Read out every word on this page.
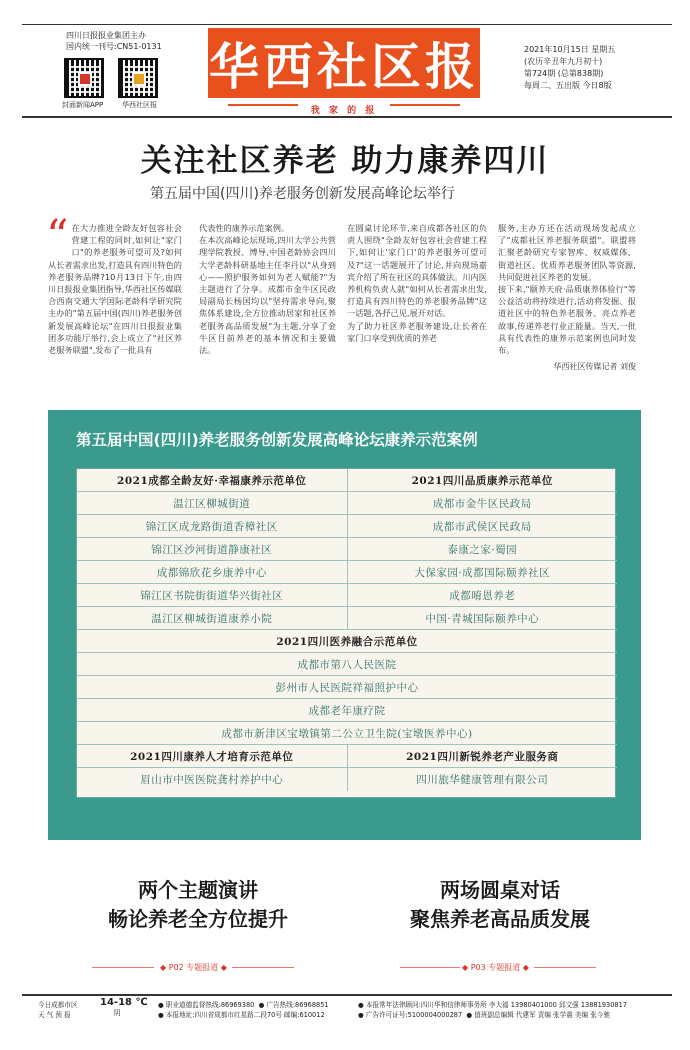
四川日报报业集团主办
国内统一刊号:CN51-0131
封面新闻APP	华西社区报
华西社区报
我 家 的 报
2021年10月15日 星期五
(农历辛丑年九月初十)
第724期 (总第838期)
每周二、五出版 今日8版
关注社区养老 助力康养四川
第五届中国(四川)养老服务创新发展高峰论坛举行
“ 在大力推进全龄友好包容社会营建工程的同时,如何让"家门口"的养老服务可望可及?如何从长者需求出发,打造具有四川特色的养老服务品牌?10月13日下午,由四川日报报业集团指导,华西社区传媒联合西南交通大学国际老龄科学研究院主办的"第五届中国(四川)养老服务创新发展高峰论坛"在四川日报报业集团多功能厅举行,会上成立了"社区养老服务联盟",发布了一批具有
代表性的康养示范案例。
在本次高峰论坛现场,四川大学公共管理学院教授、博导,中国老龄协会四川大学老龄科研基地主任李丹以"从身到心——照护服务如何为老人赋能?"为主题进行了分享。成都市金牛区民政局副局长杨国均以"坚持需求导向,聚焦体系建设,全方位推动居家和社区养老服务高品质发展"为主题,分享了金牛区目前养老的基本情况和主要做法。
在圆桌讨论环节,来自成都各社区的负责人围绕"全龄友好包容社会营建工程下,如何让'家门口'的养老服务可望可及?"这一话题展开了讨论,并向现场嘉宾介绍了所在社区的具体做法。川内医养机构负责人就"如何从长者需求出发,打造具有四川特色的养老服务品牌"这一话题,各抒己见,展开对话。
为了助力社区养老服务建设,让长者在家门口享受到优质的养老
服务,主办方还在活动现场发起成立了"成都社区养老服务联盟"。联盟将汇聚老龄研究专家智库、权威媒体、街道社区、优质养老服务团队等资源,共同促进社区养老的发展。
接下来,"颐养天府·品质康养体验行"等公益活动将持续进行,活动将发掘、报道社区中的特色养老服务、亮点养老故事,传递养老行业正能量。当天,一批具有代表性的康养示范案例也同时发布。
华西社区传媒记者 刘俊
第五届中国(四川)养老服务创新发展高峰论坛康养示范案例
2021成都全龄友好·幸福康养示范单位	2021四川品质康养示范单位
温江区柳城街道	成都市金牛区民政局
锦江区成龙路街道香樟社区	成都市武侯区民政局
锦江区沙河街道静康社区	泰康之家·蜀园
成都锦欣花乡康养中心	大保家园·成都国际颐养社区
锦江区书院街街道华兴街社区	成都唷恩养老
温江区柳城街道康养小院	中国·青城国际颐养中心
2021四川医养融合示范单位
成都市第八人民医院
彭州市人民医院祥福照护中心
成都老年康疗院
成都市新津区宝墩镇第二公立卫生院(宝墩医养中心)
2021四川康养人才培育示范单位	2021四川新锐养老产业服务商
眉山市中医医院龚村养护中心	四川旅华健康管理有限公司
两个主题演讲
畅论养老全方位提升
两场圆桌对话
聚焦养老高品质发展
◆ P02 专题报道 ◆	◆ P03 专题报道 ◆
今日成都市区
天 气 预 报
14-18 ℃
阴
● 职业道德监督热线:86969380 ● 广告热线:86968851
● 本报地址:四川省成都市红星路二段70号 邮编:610012
● 本报常年法律顾问:四川华和信律师事务所 李大福 13980401000 邱文强 13881930817
● 广告许可证号:5100004000287 ● 值班副总编辑 代建军 责编 张学震 美编 张今驰
